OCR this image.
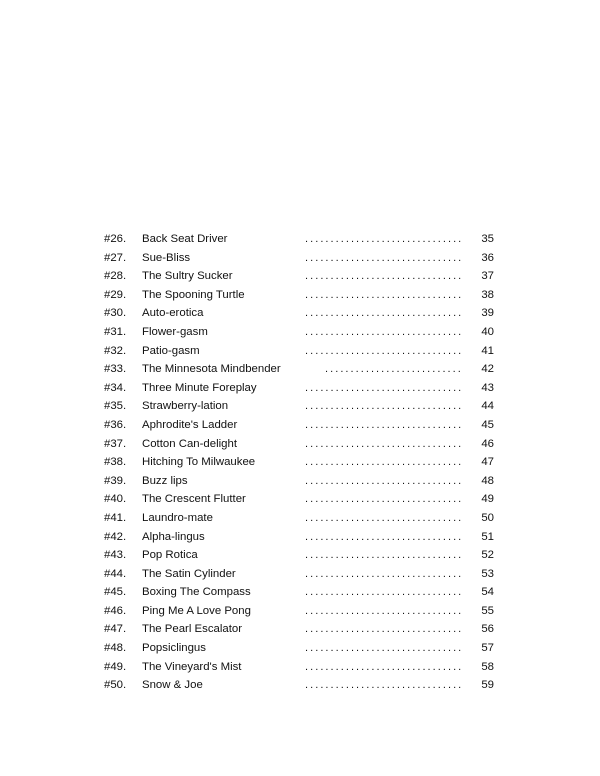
#26. Back Seat Driver	............................... 35
#27. Sue-Bliss	............................... 36
#28. The Sultry Sucker	............................... 37
#29. The Spooning Turtle	............................... 38
#30. Auto-erotica	............................... 39
#31. Flower-gasm	............................... 40
#32. Patio-gasm	............................... 41
#33. The Minnesota Mindbender	........................... 42
#34. Three Minute Foreplay	............................... 43
#35. Strawberry-lation	............................... 44
#36. Aphrodite's Ladder	............................... 45
#37. Cotton Can-delight	............................... 46
#38. Hitching To Milwaukee	............................... 47
#39. Buzz lips	............................... 48
#40. The Crescent Flutter	............................... 49
#41. Laundro-mate	............................... 50
#42. Alpha-lingus	............................... 51
#43. Pop Rotica	............................... 52
#44. The Satin Cylinder	............................... 53
#45. Boxing The Compass	............................... 54
#46. Ping Me A Love Pong	............................... 55
#47. The Pearl Escalator	............................... 56
#48. Popsiclingus	............................... 57
#49. The Vineyard's Mist	............................... 58
#50. Snow & Joe	............................... 59
